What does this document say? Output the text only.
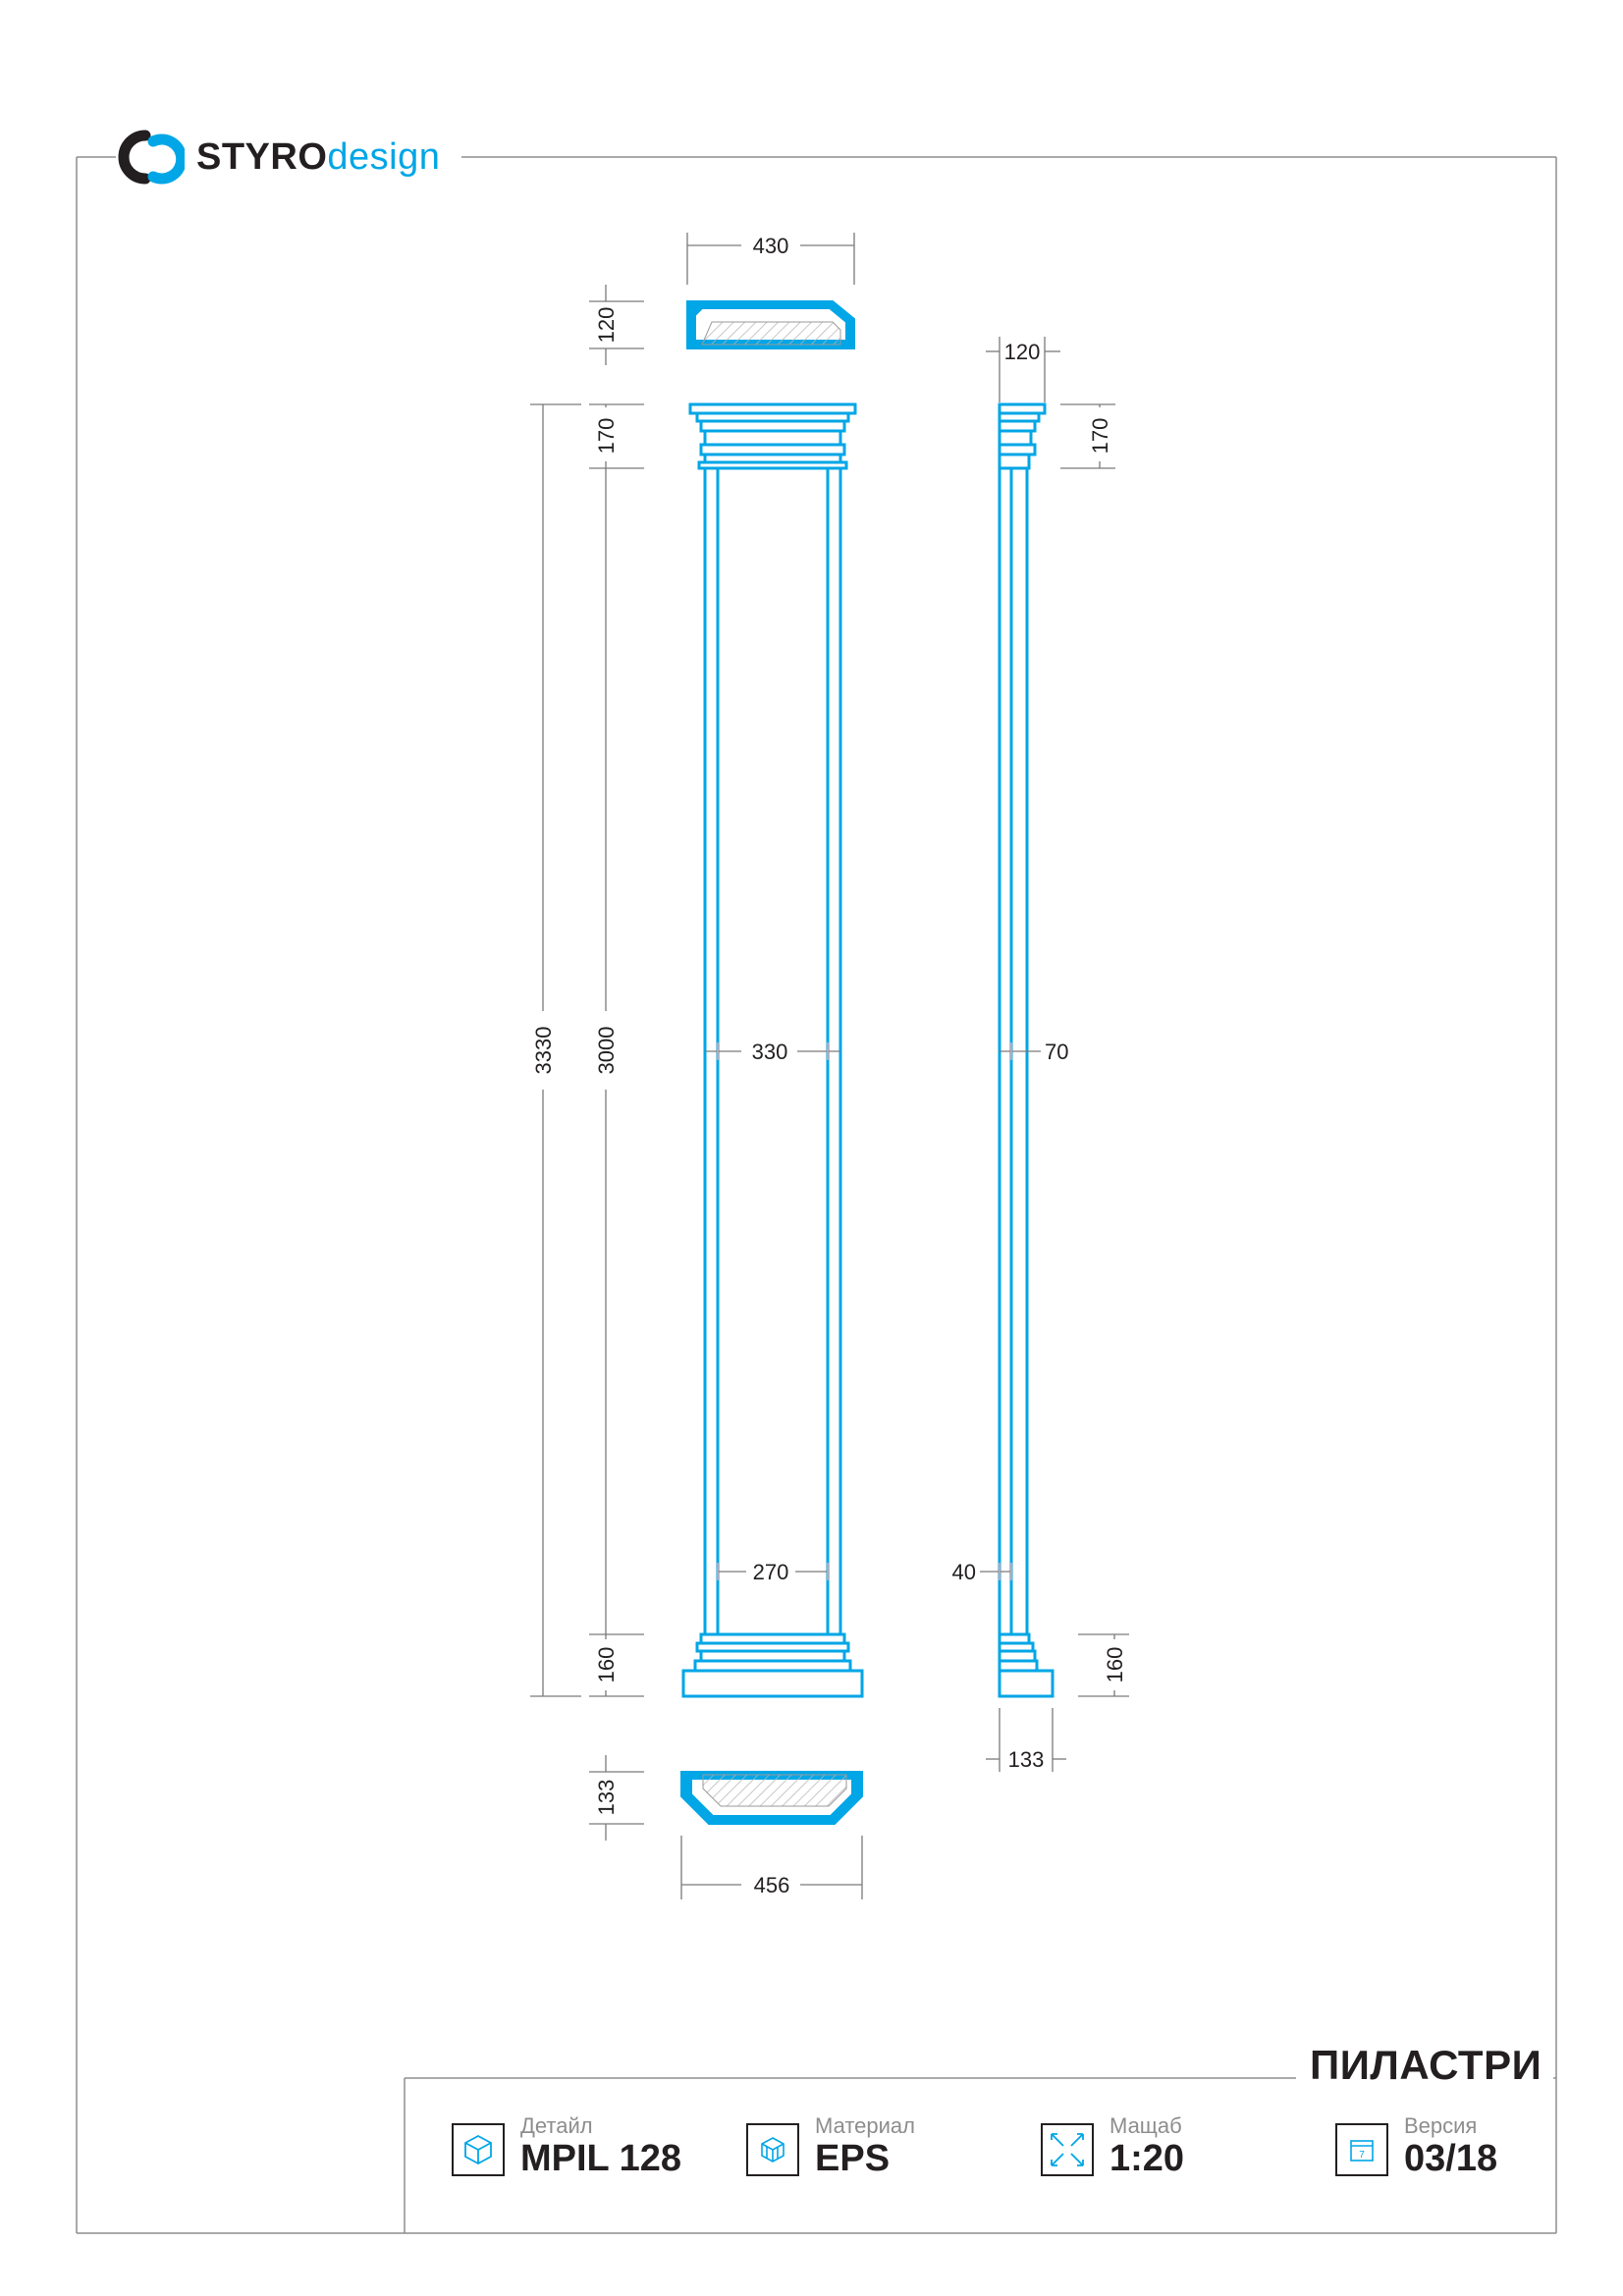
430
120
170
3330 3000	330
270
160
133
456
120
170
70
40
160
133
STYROdesign
ПИЛАСТРИ
Детайл
MPIL 128
Материал
EPS
Мащаб
1:20	7
Версия
03/18
